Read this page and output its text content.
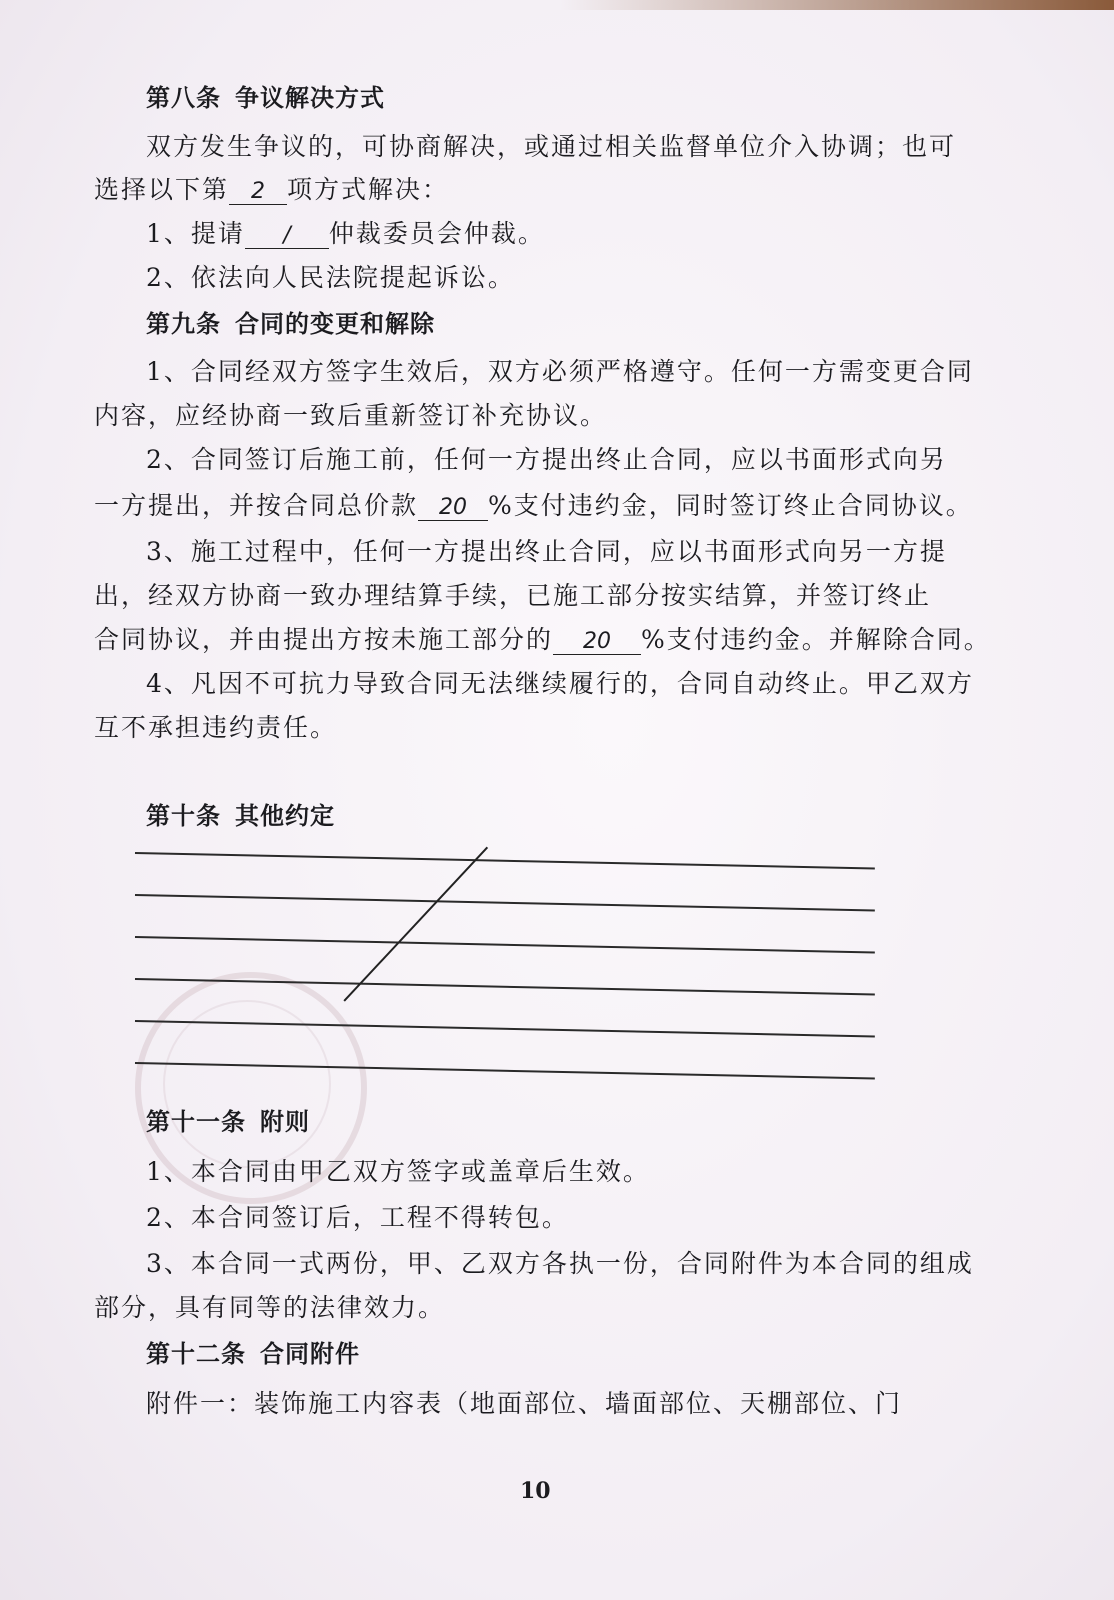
第八条 争议解决方式
双方发生争议的，可协商解决，或通过相关监督单位介入协调；也可
选择以下第 2 项方式解决：
1、提请 / 仲裁委员会仲裁。
2、依法向人民法院提起诉讼。
第九条 合同的变更和解除
1、合同经双方签字生效后，双方必须严格遵守。任何一方需变更合同
内容，应经协商一致后重新签订补充协议。
2、合同签订后施工前，任何一方提出终止合同，应以书面形式向另
一方提出，并按合同总价款 20 %支付违约金，同时签订终止合同协议。
3、施工过程中，任何一方提出终止合同，应以书面形式向另一方提
出，经双方协商一致办理结算手续，已施工部分按实结算，并签订终止
合同协议，并由提出方按未施工部分的 20 %支付违约金。并解除合同。
4、凡因不可抗力导致合同无法继续履行的，合同自动终止。甲乙双方
互不承担违约责任。
第十条 其他约定
第十一条 附则
1、本合同由甲乙双方签字或盖章后生效。
2、本合同签订后，工程不得转包。
3、本合同一式两份，甲、乙双方各执一份，合同附件为本合同的组成
部分，具有同等的法律效力。
第十二条 合同附件
附件一：装饰施工内容表（地面部位、墙面部位、天棚部位、门
10
